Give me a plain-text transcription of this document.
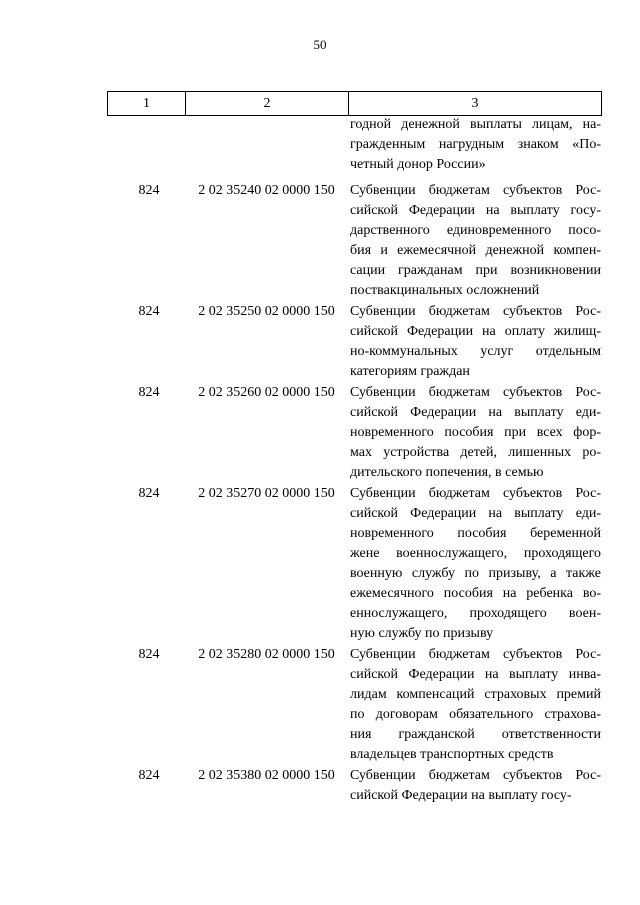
50
1	2	3
годной денежной выплаты лицам, на-
гражденным нагрудным знаком «По-
четный донор России»
824	2 02 35240 02 0000 150	Субвенции бюджетам субъектов Рос-
сийской Федерации на выплату госу-
дарственного единовременного посо-
бия и ежемесячной денежной компен-
сации гражданам при возникновении
поствакцинальных осложнений
824	2 02 35250 02 0000 150	Субвенции бюджетам субъектов Рос-
сийской Федерации на оплату жилищ-
но-коммунальных услуг отдельным
категориям граждан
824	2 02 35260 02 0000 150	Субвенции бюджетам субъектов Рос-
сийской Федерации на выплату еди-
новременного пособия при всех фор-
мах устройства детей, лишенных ро-
дительского попечения, в семью
824	2 02 35270 02 0000 150	Субвенции бюджетам субъектов Рос-
сийской Федерации на выплату еди-
новременного пособия беременной
жене военнослужащего, проходящего
военную службу по призыву, а также
ежемесячного пособия на ребенка во-
еннослужащего, проходящего воен-
ную службу по призыву
824	2 02 35280 02 0000 150	Субвенции бюджетам субъектов Рос-
сийской Федерации на выплату инва-
лидам компенсаций страховых премий
по договорам обязательного страхова-
ния гражданской ответственности
владельцев транспортных средств
824	2 02 35380 02 0000 150	Субвенции бюджетам субъектов Рос-
сийской Федерации на выплату госу-
